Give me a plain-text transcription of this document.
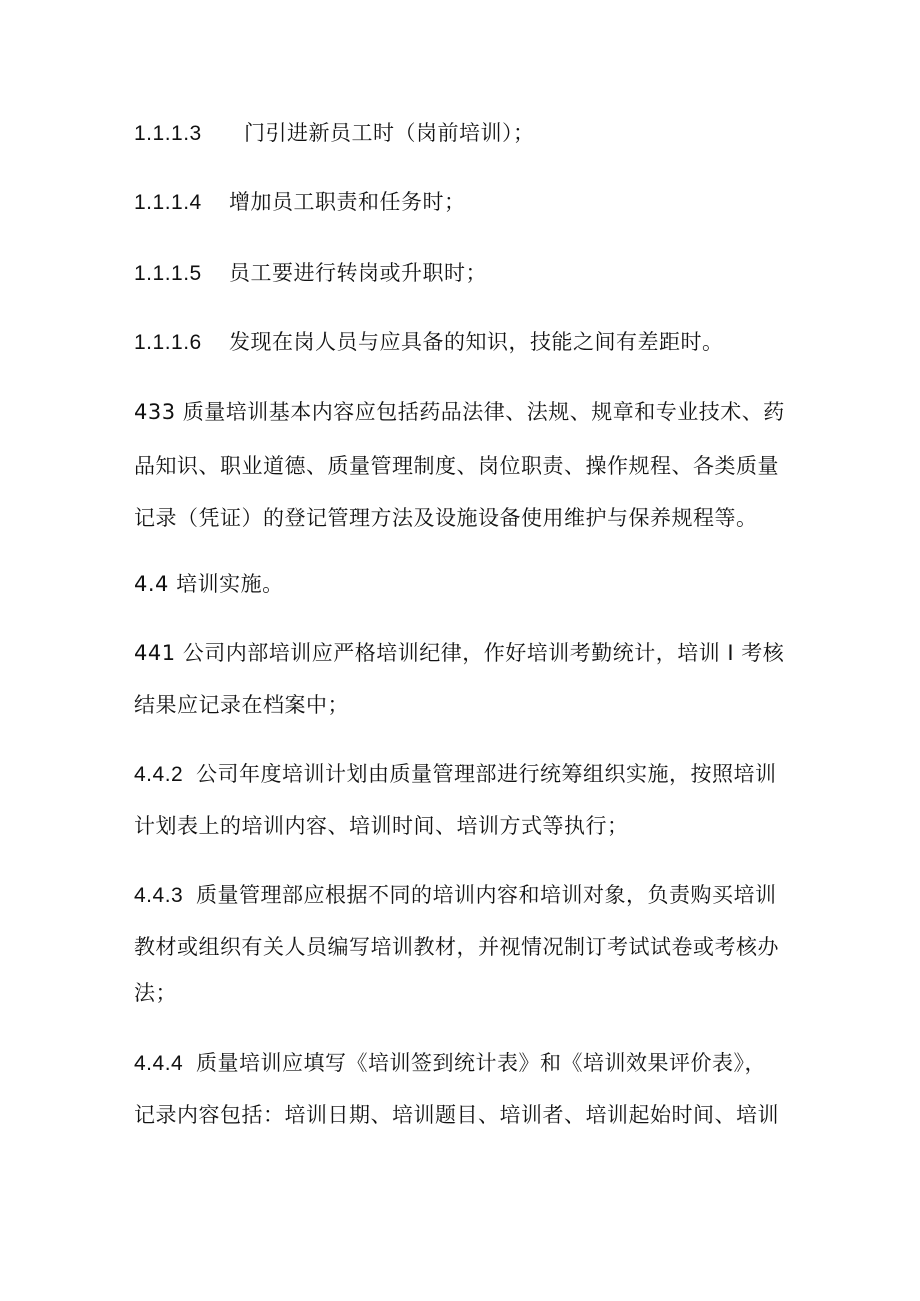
1.1.1.3 门引进新员工时（岗前培训）；
1.1.1.4 增加员工职责和任务时；
1.1.1.5 员工要进行转岗或升职时；
1.1.1.6 发现在岗人员与应具备的知识，技能之间有差距时。
433 质量培训基本内容应包括药品法律、法规、规章和专业技术、药
品知识、职业道德、质量管理制度、岗位职责、操作规程、各类质量
记录（凭证）的登记管理方法及设施设备使用维护与保养规程等。
4.4 培训实施。
441 公司内部培训应严格培训纪律，作好培训考勤统计，培训 I 考核
结果应记录在档案中；
4.4.2 公司年度培训计划由质量管理部进行统筹组织实施，按照培训
计划表上的培训内容、培训时间、培训方式等执行；
4.4.3 质量管理部应根据不同的培训内容和培训对象，负责购买培训
教材或组织有关人员编写培训教材，并视情况制订考试试卷或考核办
法；
4.4.4 质量培训应填写《培训签到统计表》和《培训效果评价表》，
记录内容包括：培训日期、培训题目、培训者、培训起始时间、培训
